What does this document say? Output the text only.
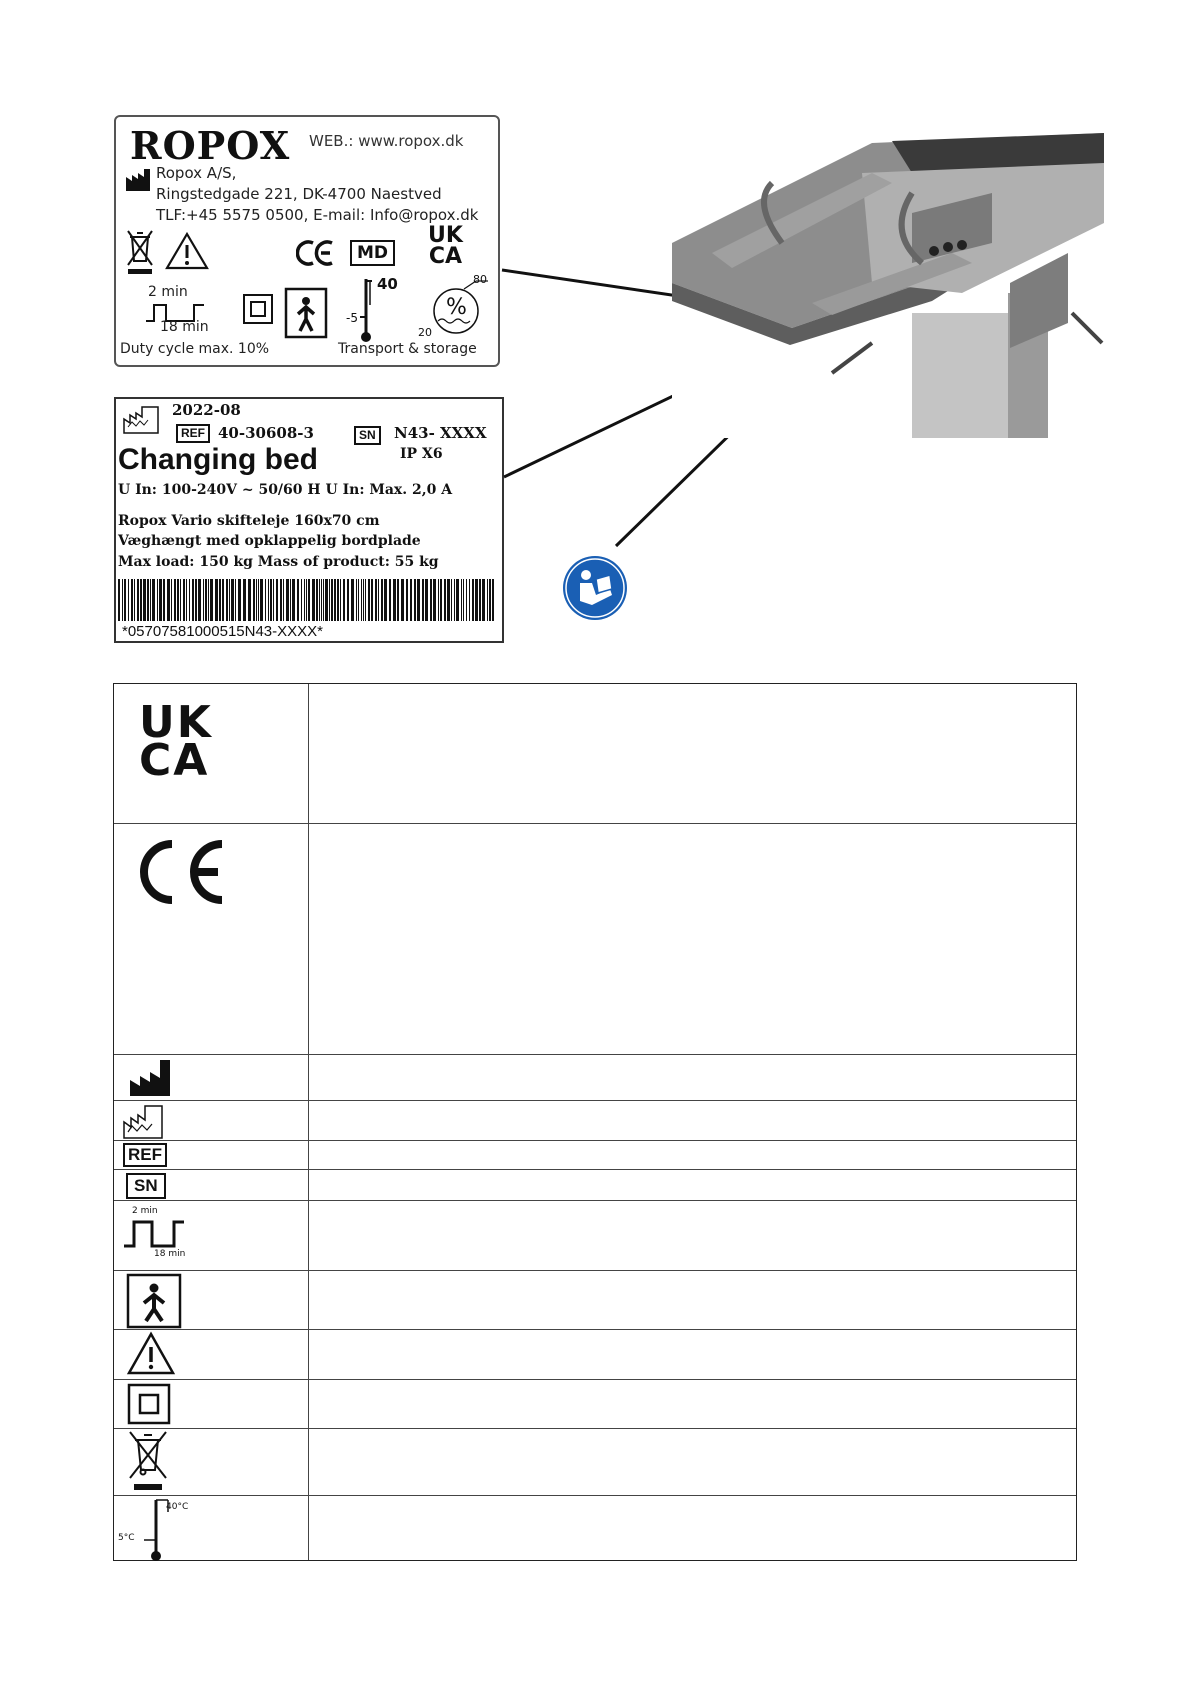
ROPOX WEB.: www.ropox.dk
Ropox A/S,
Ringstedgade 221, DK-4700 Naestved
TLF:+45 5575 0500, E-mail: Info@ropox.dk
MD
UK
CA
2 min
18 min
40
-5	%
80
20
Duty cycle max. 10%	Transport & storage
2022-08
REF 40-30608-3	SN	N43- XXXX
IP X6
Changing bed
U In: 100-240V ~ 50/60 H U In: Max. 2,0 A
Ropox Vario skifteleje 160x70 cm
Væghængt med opklappelig bordplade
Max load: 150 kg Mass of product: 55 kg
*05707581000515N43-XXXX*
UK
CA
REF
SN
2 min
18 min
40°C
5°C
